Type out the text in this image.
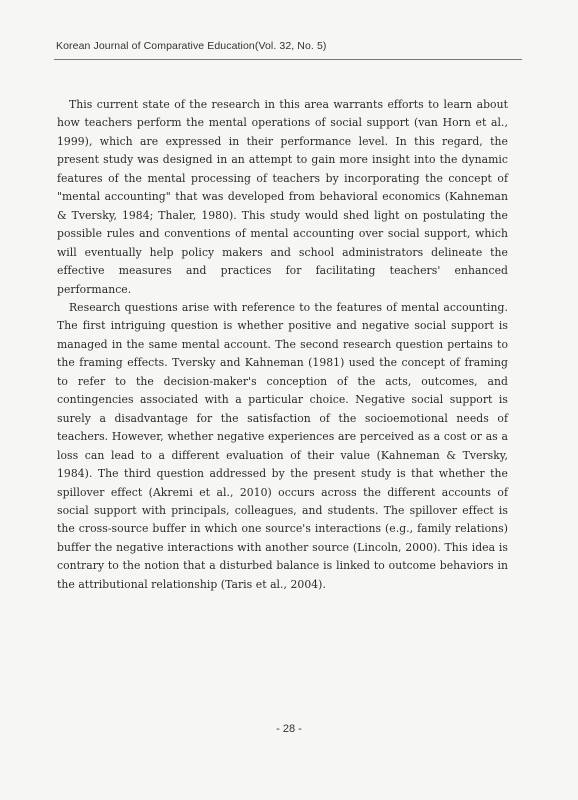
Korean Journal of Comparative Education(Vol. 32, No. 5)

This current state of the research in this area warrants efforts to learn about how teachers perform the mental operations of social support (van Horn et al., 1999), which are expressed in their performance level. In this regard, the present study was designed in an attempt to gain more insight into the dynamic features of the mental processing of teachers by incorporating the concept of "mental accounting" that was developed from behavioral economics (Kahneman & Tversky, 1984; Thaler, 1980). This study would shed light on postulating the possible rules and conventions of mental accounting over social support, which will eventually help policy makers and school administrators delineate the effective measures and practices for facilitating teachers' enhanced performance.

Research questions arise with reference to the features of mental accounting. The first intriguing question is whether positive and negative social support is managed in the same mental account. The second research question pertains to the framing effects. Tversky and Kahneman (1981) used the concept of framing to refer to the decision-maker's conception of the acts, outcomes, and contingencies associated with a particular choice. Negative social support is surely a disadvantage for the satisfaction of the socioemotional needs of teachers. However, whether negative experiences are perceived as a cost or as a loss can lead to a different evaluation of their value (Kahneman & Tversky, 1984). The third question addressed by the present study is that whether the spillover effect (Akremi et al., 2010) occurs across the different accounts of social support with principals, colleagues, and students. The spillover effect is the cross-source buffer in which one source's interactions (e.g., family relations) buffer the negative interactions with another source (Lincoln, 2000). This idea is contrary to the notion that a disturbed balance is linked to outcome behaviors in the attributional relationship (Taris et al., 2004).

- 28 -
